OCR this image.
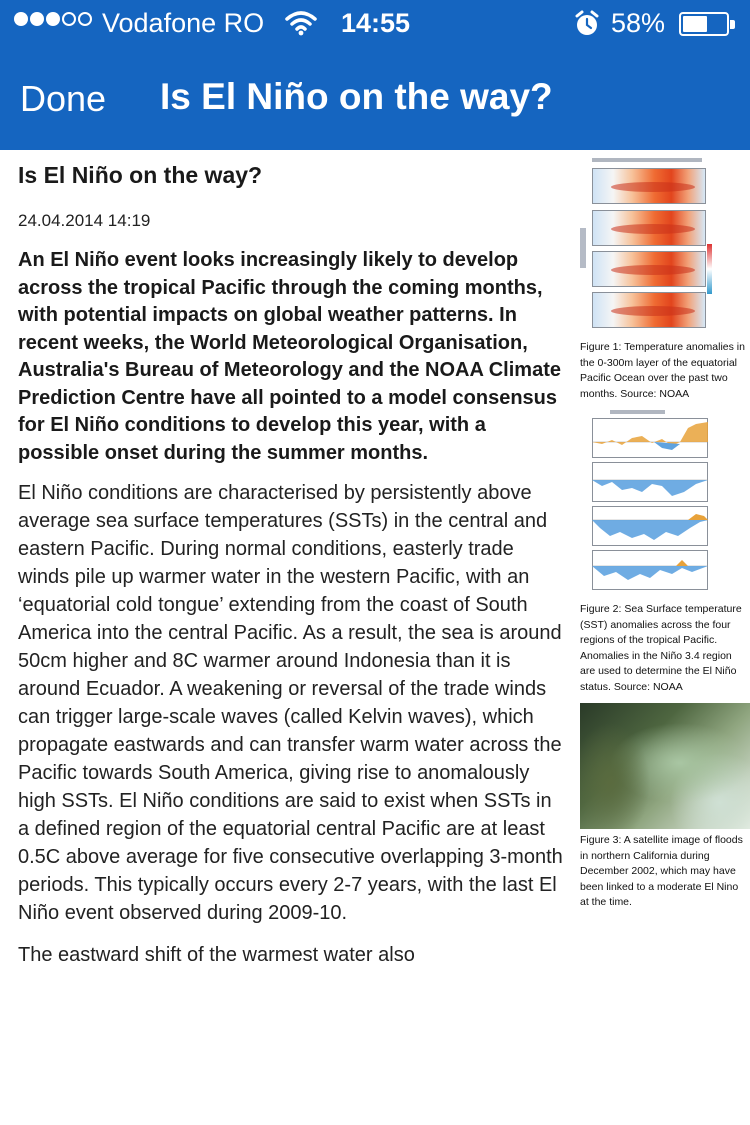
Vodafone RO	14:55	58%
Done Is El Niño on the way?
Is El Niño on the way?
24.04.2014 14:19

An El Niño event looks increasingly likely to develop across the tropical Pacific through the coming months, with potential impacts on global weather patterns. In recent weeks, the World Meteorological Organisation, Australia's Bureau of Meteorology and the NOAA Climate Prediction Centre have all pointed to a model consensus for El Niño conditions to develop this year, with a possible onset during the summer months.

El Niño conditions are characterised by persistently above average sea surface temperatures (SSTs) in the central and eastern Pacific. During normal conditions, easterly trade winds pile up warmer water in the western Pacific, with an ‘equatorial cold tongue’ extending from the coast of South America into the central Pacific. As a result, the sea is around 50cm higher and 8C warmer around Indonesia than it is around Ecuador. A weakening or reversal of the trade winds can trigger large-scale waves (called Kelvin waves), which propagate eastwards and can transfer warm water across the Pacific towards South America, giving rise to anomalously high SSTs. El Niño conditions are said to exist when SSTs in a defined region of the equatorial central Pacific are at least 0.5C above average for five consecutive overlapping 3-month periods. This typically occurs every 2-7 years, with the last El Niño event observed during 2009-10.

The eastward shift of the warmest water also

Figure 1: Temperature anomalies in the 0-300m layer of the equatorial Pacific Ocean over the past two months. Source: NOAA
Figure 2: Sea Surface temperature (SST) anomalies across the four regions of the tropical Pacific. Anomalies in the Niño 3.4 region are used to determine the El Niño status. Source: NOAA
Figure 3: A satellite image of floods in northern California during December 2002, which may have been linked to a moderate El Nino at the time.
